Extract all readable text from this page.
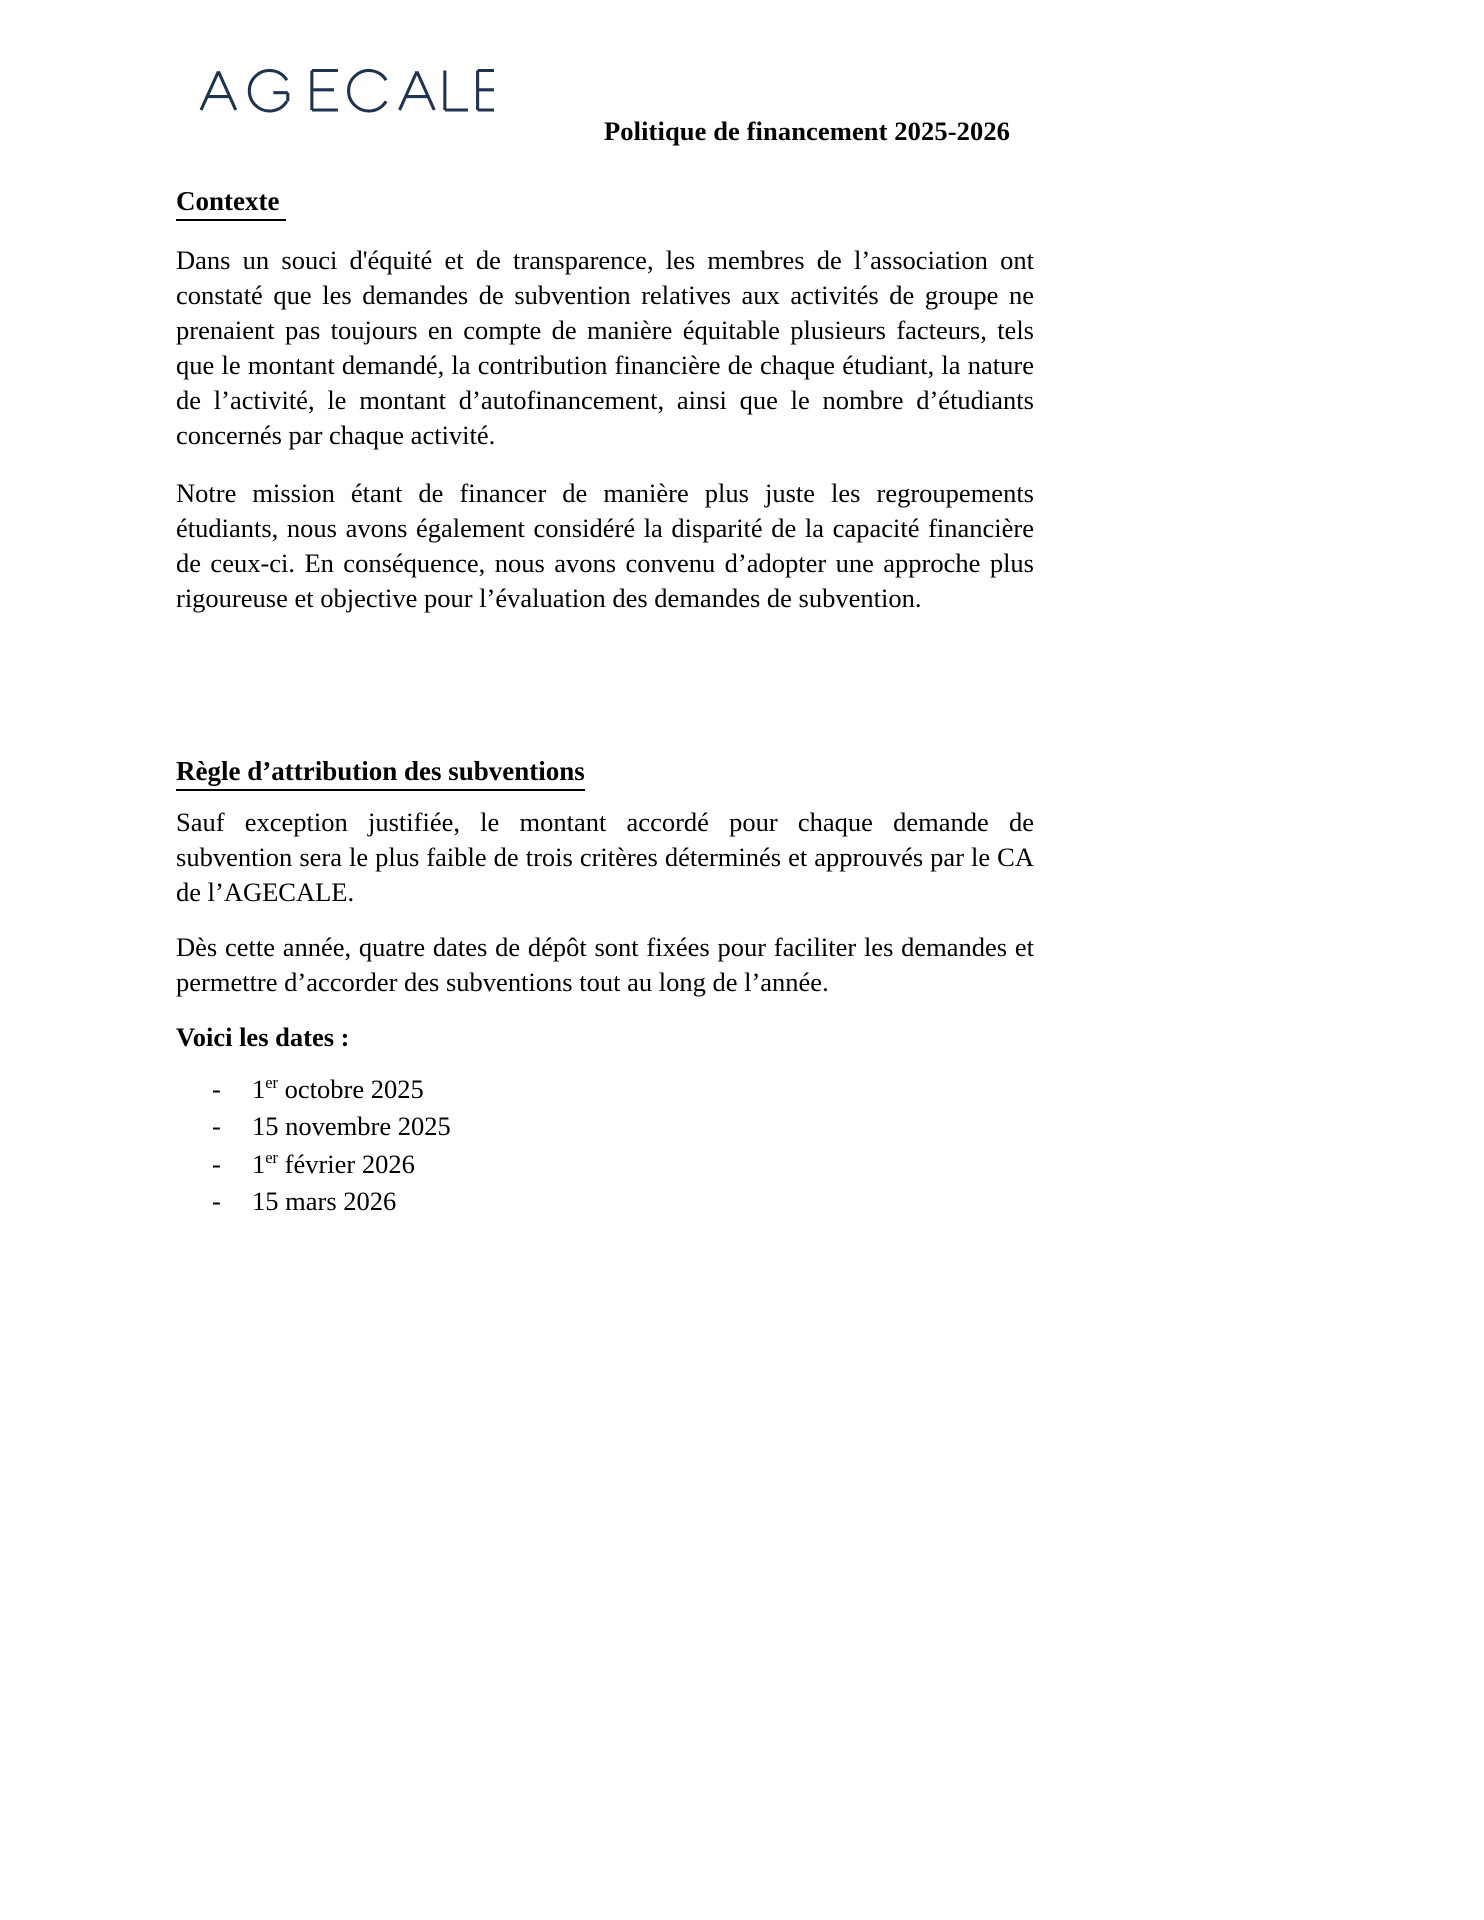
Politique de financement 2025-2026
Contexte

Dans un souci d'équité et de transparence, les membres de l’association ont constaté que les demandes de subvention relatives aux activités de groupe ne prenaient pas toujours en compte de manière équitable plusieurs facteurs, tels que le montant demandé, la contribution financière de chaque étudiant, la nature de l’activité, le montant d’autofinancement, ainsi que le nombre d’étudiants concernés par chaque activité.

Notre mission étant de financer de manière plus juste les regroupements étudiants, nous avons également considéré la disparité de la capacité financière de ceux-ci. En conséquence, nous avons convenu d’adopter une approche plus rigoureuse et objective pour l’évaluation des demandes de subvention.

Règle d’attribution des subventions

Sauf exception justifiée, le montant accordé pour chaque demande de subvention sera le plus faible de trois critères déterminés et approuvés par le CA de l’AGECALE.

Dès cette année, quatre dates de dépôt sont fixées pour faciliter les demandes et permettre d’accorder des subventions tout au long de l’année.

Voici les dates :

-	1er octobre 2025
-	15 novembre 2025
-	1er février 2026
-	15 mars 2026
